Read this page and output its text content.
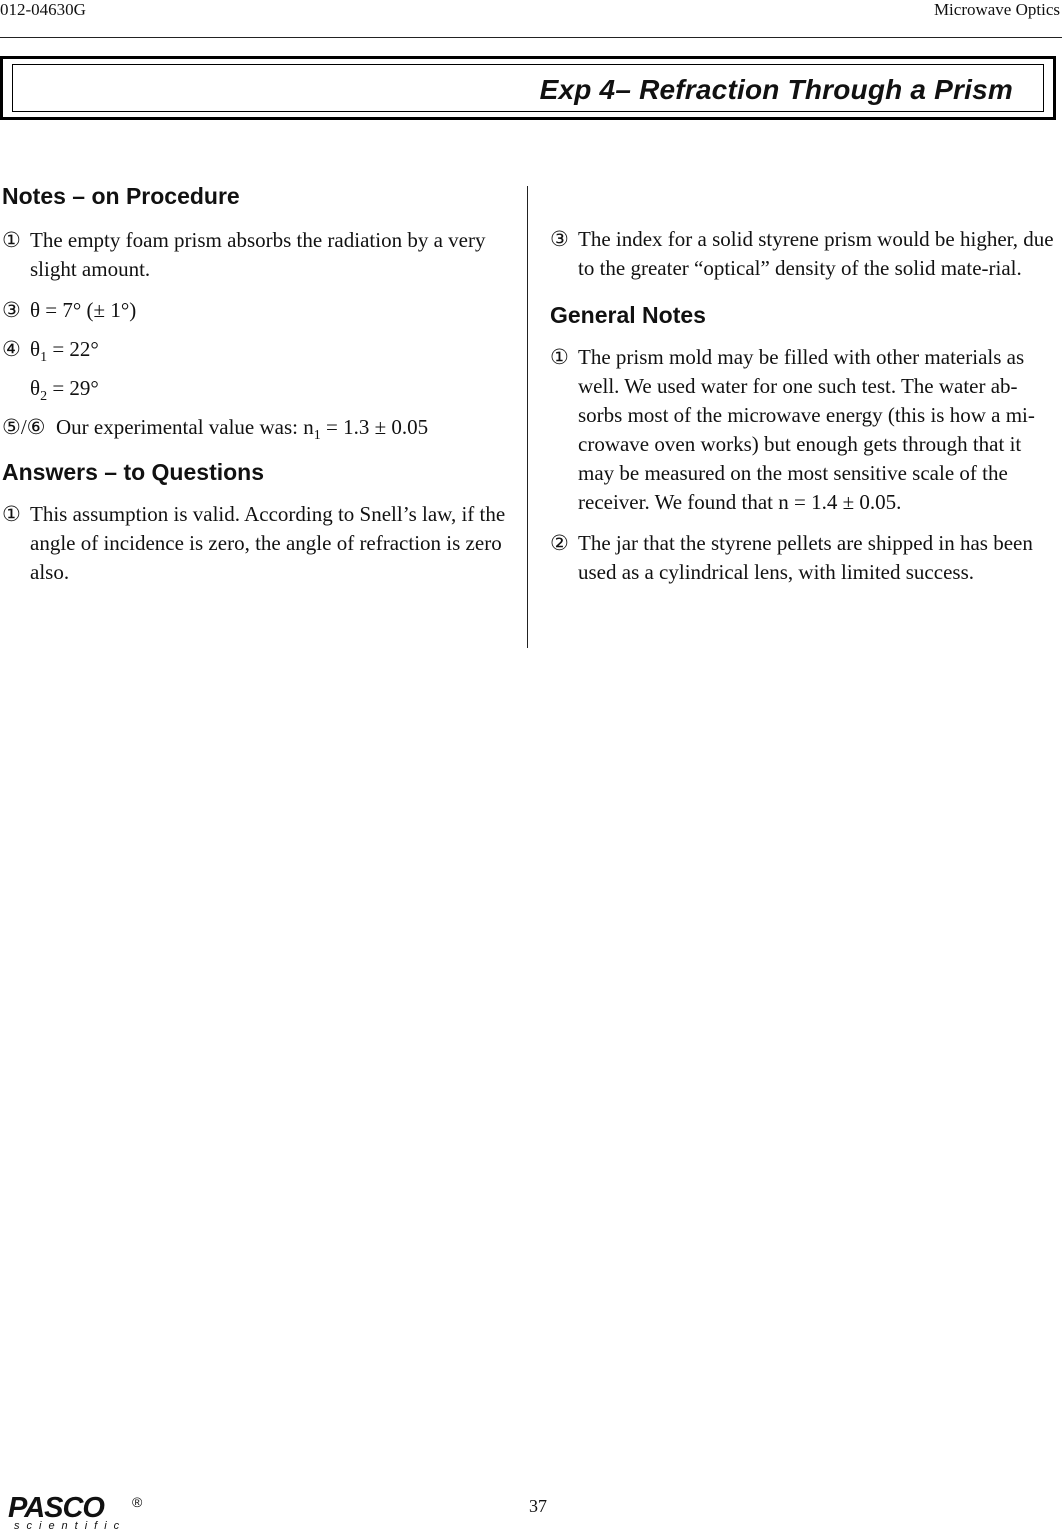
012-04630G	Microwave Optics
Exp 4– Refraction Through a Prism
Notes – on Procedure

① The empty foam prism absorbs the radiation by a very slight amount.

③ θ = 7° (± 1°)

④ $\theta_1 = 22^\circ$

$\theta_2 = 29^\circ$

⑤/⑥ Our experimental value was: $n_1 = 1.3 \pm 0.05$

Answers – to Questions

① This assumption is valid. According to Snell’s law, if the angle of incidence is zero, the angle of refraction is zero also.

③ The index for a solid styrene prism would be higher, due to the greater “optical” density of the solid mate-rial.

General Notes

① The prism mold may be filled with other materials as well. We used water for one such test. The water ab-sorbs most of the microwave energy (this is how a mi-crowave oven works) but enough gets through that it may be measured on the most sensitive scale of the receiver. We found that n = 1.4 ± 0.05.

② The jar that the styrene pellets are shipped in has been used as a cylindrical lens, with limited success.

PASCO
scientific
®	37
